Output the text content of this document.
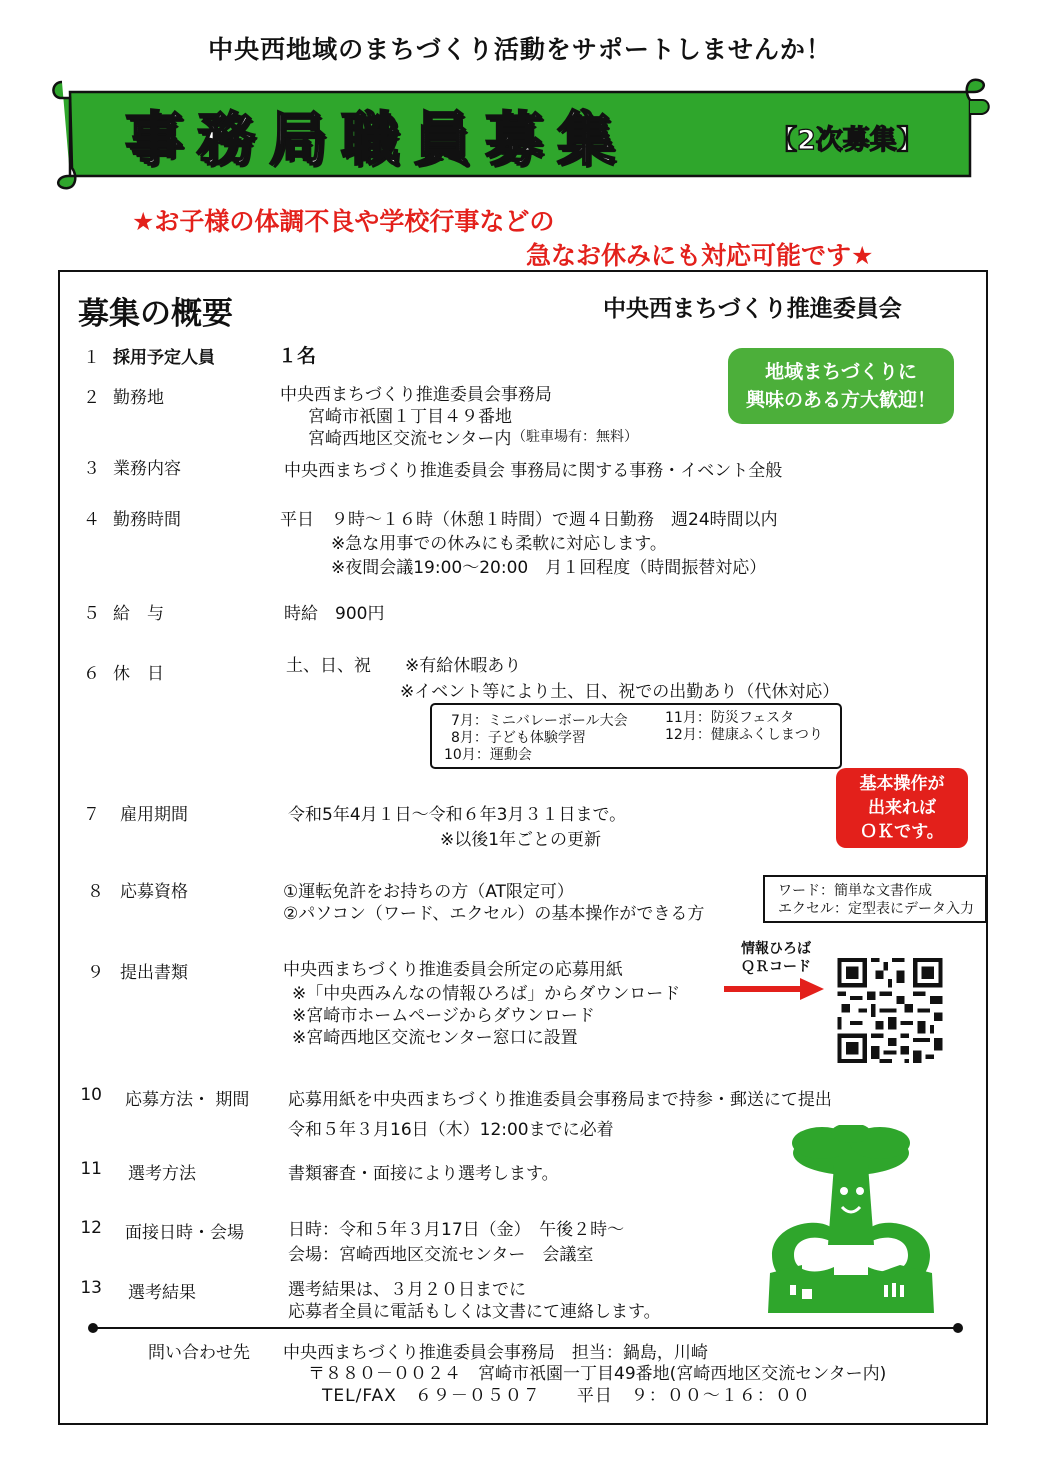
中央西地域のまちづくり活動をサポートしませんか！
事務局職員募集	【2次募集】
★お子様の体調不良や学校行事などの
急なお休みにも対応可能です★
募集の概要	中央西まちづくり推進委員会
地域まちづくりに
興味のある方大歓迎！
１ 採用予定人員	１名
２ 勤務地	中央西まちづくり推進委員会事務局
宮崎市祇園１丁目４９番地
宮崎西地区交流センター内 （駐車場有：無料）
３ 業務内容	中央西まちづくり推進委員会 事務局に関する事務・イベント全般
４ 勤務時間	平日　９時～１６時（休憩１時間）で週４日勤務　週24時間以内
※急な用事での休みにも柔軟に対応します。
※夜間会議19:00～20:00　月１回程度（時間振替対応）
５ 給　与	時給　900円
６ 休　日	土、日、祝　　※有給休暇あり
※イベント等により土、日、祝での出勤あり（代休対応）
7月：ミニバレーボール大会
8月：子ども体験学習
10月：運動会
11月：防災フェスタ
12月：健康ふくしまつり
基本操作が
出来れば
ＯＫです。
７ 雇用期間	令和5年4月１日～令和６年3月３１日まで。
※以後1年ごとの更新
８ 応募資格	①運転免許をお持ちの方（AT限定可）
②パソコン（ワード、エクセル）の基本操作ができる方
ワード：簡単な文書作成
エクセル：定型表にデータ入力
９ 提出書類	中央西まちづくり推進委員会所定の応募用紙
※「中央西みんなの情報ひろば」からダウンロード
※宮崎市ホームページからダウンロード
※宮崎西地区交流センター窓口に設置
情報ひろば
ＱＲコード
10 応募方法・ 期間 応募用紙を中央西まちづくり推進委員会事務局まで持参・郵送にて提出
令和５年３月16日（木）12:00までに必着
11 選考方法	書類審査・面接により選考します。
12 面接日時・会場	日時：令和５年３月17日（金）　午後２時～
会場：宮崎西地区交流センター　会議室
13 選考結果	選考結果は、３月２０日までに
応募者全員に電話もしくは文書にて連絡します。
問い合わせ先 中央西まちづくり推進委員会事務局　担当：鍋島，川崎
〒８８０－００２４　宮崎市祇園一丁目49番地(宮崎西地区交流センター内)
TEL/FAX　６９－０５０７　　平日　９：００～１６：００
